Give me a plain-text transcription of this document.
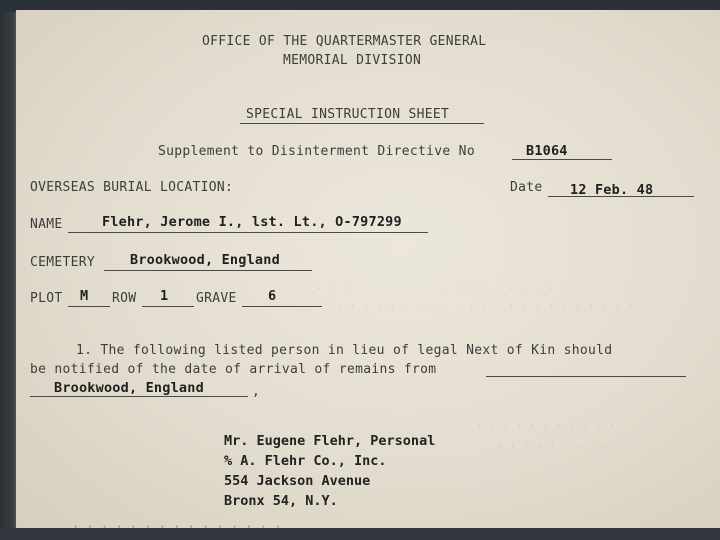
· · ·        · · · · · · · · · · · · · ·
· · · · · · · · · · · · · · · · · · · · · · ·
· · · · · · · · · · ·
· · · · · · · · ·
OFFICE OF THE QUARTERMASTER GENERAL
MEMORIAL DIVISION
SPECIAL INSTRUCTION SHEET
Supplement to Disinterment Directive No	B1064
OVERSEAS BURIAL LOCATION:	Date 12 Feb. 48
NAME	Flehr, Jerome I., lst. Lt., O-797299
CEMETERY	Brookwood, England
PLOT M ROW 1 GRAVE 6
1. The following listed person in lieu of legal Next of Kin should
be notified of the date of arrival of remains from
Brookwood, England	,
Mr. Eugene Flehr, Personal
% A. Flehr Co., Inc.
554 Jackson Avenue
Bronx 54, N.Y.
· · · · · · · · · · · · · · ·
